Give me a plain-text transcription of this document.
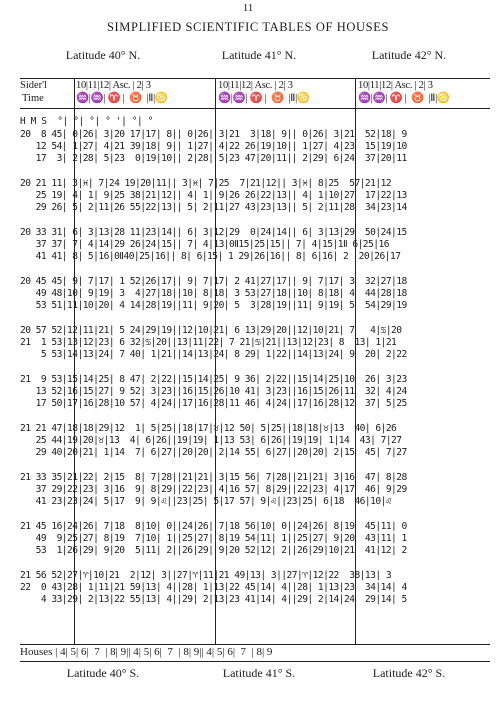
11
SIMPLIFIED SCIENTIFIC TABLES OF HOUSES
Latitude 40° N.	Latitude 41° N.	Latitude 42° N.
Sider'l
Time
10|11|12| Asc. | 2| 3
♒|♒| ♈ |  ♉  |Ⅱ|♋
10|11|12| Asc. | 2| 3
♒|♒| ♈ |  ♉  |Ⅱ|♋
10|11|12| Asc. | 2| 3
♒|♒| ♈ |  ♉  |Ⅱ|♋
H M S  °| °| °| ° '| °| °
20  8 45| 0|26| 3|20 17|17| 8|| 0|26| 3|21  3|18| 9|| 0|26| 3|21  52|18| 9
12 54| 1|27| 4|21 39|18| 9|| 1|27| 4|22 26|19|10|| 1|27| 4|23  15|19|10
17  3| 2|28| 5|23  0|19|10|| 2|28| 5|23 47|20|11|| 2|29| 6|24  37|20|11
20 21 11| 3|♓| 7|24 19|20|11|| 3|♓| 7|25  7|21|12|| 3|♓| 8|25  57|21|12
25 19| 4| 1| 9|25 38|21|12|| 4| 1| 9|26 26|22|13|| 4| 1|10|27  17|22|13
29 26| 5| 2|11|26 55|22|13|| 5| 2|11|27 43|23|13|| 5| 2|11|28  34|23|14
20 33 31| 6| 3|13|28 11|23|14|| 6| 3|12|29  0|24|14|| 6| 3|13|29  50|24|15
37 37| 7| 4|14|29 26|24|15|| 7| 4|13|0Ⅱ15|25|15|| 7| 4|15|1Ⅱ 6|25|16
41 41| 8| 5|16|0Ⅱ40|25|16|| 8| 6|15| 1 29|26|16|| 8| 6|16| 2  20|26|17
20 45 45| 9| 7|17| 1 52|26|17|| 9| 7|17| 2 41|27|17|| 9| 7|17| 3  32|27|18
49 48|10| 9|19| 3  4|27|18||10| 8|18| 3 53|27|18||10| 8|18| 4  44|28|18
53 51|11|10|20| 4 14|28|19||11| 9|20| 5  3|28|19||11| 9|19| 5  54|29|19
20 57 52|12|11|21| 5 24|29|19||12|10|21| 6 13|29|20||12|10|21| 7   4|♋|20
21  1 53|13|12|23| 6 32|♋|20||13|11|22| 7 21|♋|21||13|12|23| 8  13| 1|21
5 53|14|13|24| 7 40| 1|21||14|13|24| 8 29| 1|22||14|13|24| 9  20| 2|22
21  9 53|15|14|25| 8 47| 2|22||15|14|25| 9 36| 2|22||15|14|25|10  26| 3|23
13 52|16|15|27| 9 52| 3|23||16|15|26|10 41| 3|23||16|15|26|11  32| 4|24
17 50|17|16|28|10 57| 4|24||17|16|28|11 46| 4|24||17|16|28|12  37| 5|25
21 21 47|18|18|29|12  1| 5|25||18|17|♉|12 50| 5|25||18|18|♉|13  40| 6|26
25 44|19|20|♉|13  4| 6|26||19|19| 1|13 53| 6|26||19|19| 1|14  43| 7|27
29 40|20|21| 1|14  7| 6|27||20|20| 2|14 55| 6|27||20|20| 2|15  45| 7|27
21 33 35|21|22| 2|15  8| 7|28||21|21| 3|15 56| 7|28||21|21| 3|16  47| 8|28
37 29|22|23| 3|16  9| 8|29||22|23| 4|16 57| 8|29||22|23| 4|17  46| 9|29
41 23|23|24| 5|17  9| 9|♌||23|25| 5|17 57| 9|♌||23|25| 6|18  46|10|♌
21 45 16|24|26| 7|18  8|10| 0||24|26| 7|18 56|10| 0||24|26| 8|19  45|11| 0
49  9|25|27| 8|19  7|10| 1||25|27| 8|19 54|11| 1||25|27| 9|20  43|11| 1
53  1|26|29| 9|20  5|11| 2||26|29| 9|20 52|12| 2||26|29|10|21  41|12| 2
21 56 52|27|♈|10|21  2|12| 3||27|♈|11|21 49|13| 3||27|♈|12|22  38|13| 3
22  0 43|28| 1|11|21 59|13| 4||28| 1|13|22 45|14| 4||28| 1|13|23  34|14| 4
4 33|29| 2|13|22 55|13| 4||29| 2|13|23 41|14| 4||29| 2|14|24  29|14| 5
Houses | 4| 5| 6|  7  | 8| 9|| 4| 5| 6|  7  | 8| 9|| 4| 5| 6|  7  | 8| 9
Latitude 40° S.	Latitude 41° S.	Latitude 42° S.
